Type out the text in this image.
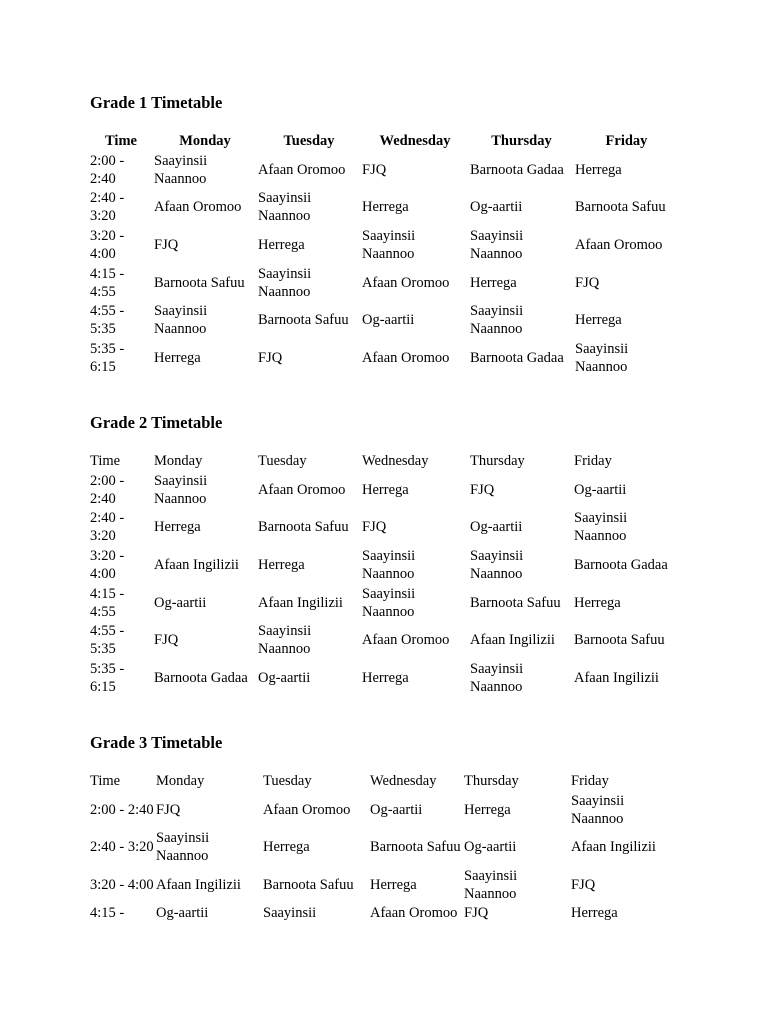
Grade 1 Timetable
Time	Monday	Tuesday	Wednesday	Thursday	Friday
2:00 - 2:40	Saayinsii Naannoo	Afaan Oromoo	FJQ	Barnoota Gadaa	Herrega
2:40 - 3:20	Afaan Oromoo	Saayinsii Naannoo	Herrega	Og-aartii	Barnoota Safuu
3:20 - 4:00	FJQ	Herrega	Saayinsii Naannoo	Saayinsii Naannoo	Afaan Oromoo
4:15 - 4:55	Barnoota Safuu	Saayinsii Naannoo	Afaan Oromoo	Herrega	FJQ
4:55 - 5:35	Saayinsii Naannoo	Barnoota Safuu	Og-aartii	Saayinsii Naannoo	Herrega
5:35 - 6:15	Herrega	FJQ	Afaan Oromoo	Barnoota Gadaa	Saayinsii Naannoo
Grade 2 Timetable
Time	Monday	Tuesday	Wednesday	Thursday	Friday
2:00 - 2:40	Saayinsii Naannoo	Afaan Oromoo	Herrega	FJQ	Og-aartii
2:40 - 3:20	Herrega	Barnoota Safuu	FJQ	Og-aartii	Saayinsii Naannoo
3:20 - 4:00	Afaan Ingilizii	Herrega	Saayinsii Naannoo	Saayinsii Naannoo	Barnoota Gadaa
4:15 - 4:55	Og-aartii	Afaan Ingilizii	Saayinsii Naannoo	Barnoota Safuu	Herrega
4:55 - 5:35	FJQ	Saayinsii Naannoo	Afaan Oromoo	Afaan Ingilizii	Barnoota Safuu
5:35 - 6:15	Barnoota Gadaa	Og-aartii	Herrega	Saayinsii Naannoo	Afaan Ingilizii
Grade 3 Timetable
Time	Monday	Tuesday	Wednesday	Thursday	Friday
2:00 - 2:40	FJQ	Afaan Oromoo	Og-aartii	Herrega	Saayinsii Naannoo
2:40 - 3:20	Saayinsii Naannoo	Herrega	Barnoota Safuu	Og-aartii	Afaan Ingilizii
3:20 - 4:00	Afaan Ingilizii	Barnoota Safuu	Herrega	Saayinsii Naannoo	FJQ
4:15 -	Og-aartii	Saayinsii	Afaan Oromoo	FJQ	Herrega
